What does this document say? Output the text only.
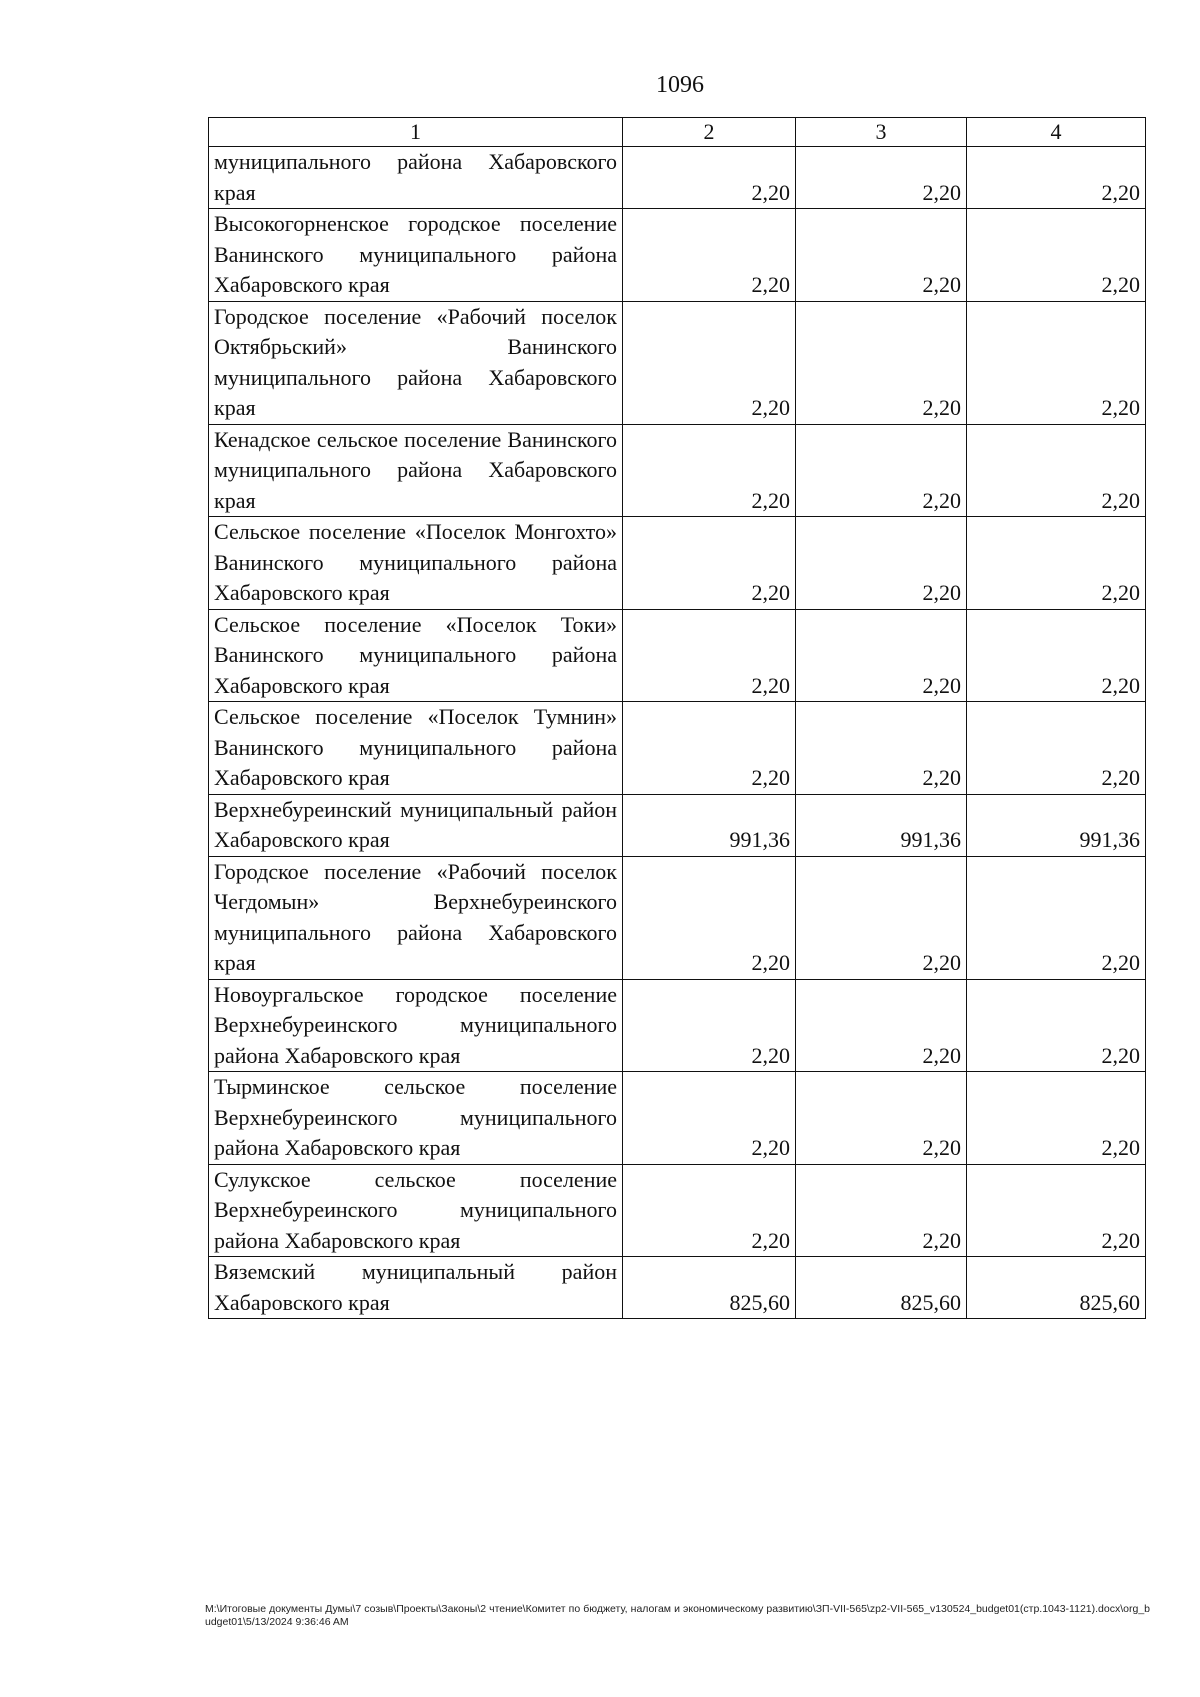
1096
1	2	3	4
муниципального района Хабаровского края	2,20	2,20	2,20
Высокогорненское городское поселение Ванинского муниципального района Хабаровского края	2,20	2,20	2,20
Городское поселение «Рабочий поселок Октябрьский» Ванинского муниципального района Хабаровского края	2,20	2,20	2,20
Кенадское сельское поселение Ванинского муниципального района Хабаровского края	2,20	2,20	2,20
Сельское поселение «Поселок Монгохто» Ванинского муниципального района Хабаровского края	2,20	2,20	2,20
Сельское поселение «Поселок Токи» Ванинского муниципального района Хабаровского края	2,20	2,20	2,20
Сельское поселение «Поселок Тумнин» Ванинского муниципального района Хабаровского края	2,20	2,20	2,20
Верхнебуреинский муниципальный район Хабаровского края	991,36	991,36	991,36
Городское поселение «Рабочий поселок Чегдомын» Верхнебуреинского муниципального района Хабаровского края	2,20	2,20	2,20
Новоургальское городское поселение Верхнебуреинского муниципального района Хабаровского края	2,20	2,20	2,20
Тырминское сельское поселение Верхнебуреинского муниципального района Хабаровского края	2,20	2,20	2,20
Сулукское сельское поселение Верхнебуреинского муниципального района Хабаровского края	2,20	2,20	2,20
Вяземский муниципальный район Хабаровского края	825,60	825,60	825,60
M:\Итоговые документы Думы\7 созыв\Проекты\Законы\2 чтение\Комитет по бюджету, налогам и экономическому развитию\ЗП-VII-565\zp2-VII-565_v130524_budget01(стр.1043-1121).docx\org_budget01\5/13/2024 9:36:46 AM
